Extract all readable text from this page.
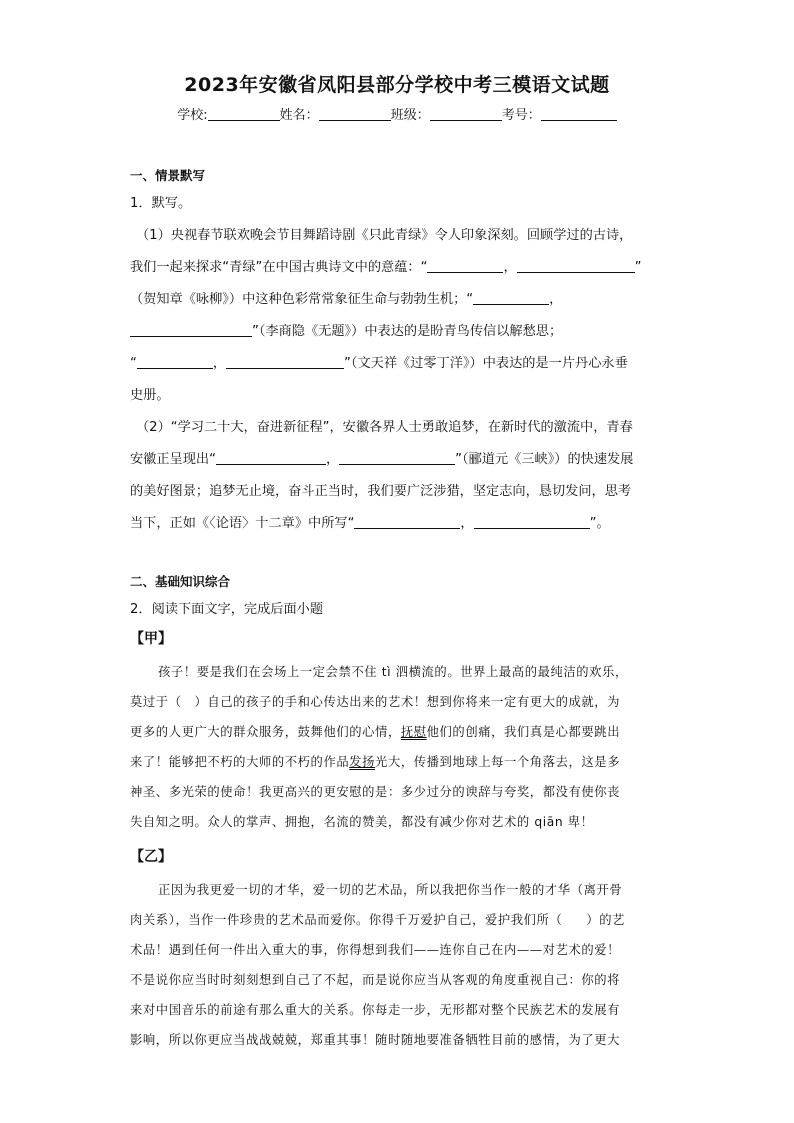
2023年安徽省凤阳县部分学校中考三模语文试题
学校:	姓名：	班级：	考号：
一、情景默写
1．默写。
（1）央视春节联欢晚会节目舞蹈诗剧《只此青绿》令人印象深刻。回顾学过的古诗，
我们一起来探求“青绿”在中国古典诗文中的意蕴：“	，	”
（贺知章《咏柳》）中这种色彩常常象征生命与勃勃生机；“	，
”（李商隐《无题》）中表达的是盼青鸟传信以解愁思；
“	，	”（文天祥《过零丁洋》）中表达的是一片丹心永垂
史册。
（2）“学习二十大，奋进新征程”，安徽各界人士勇敢追梦，在新时代的激流中，青春
安徽正呈现出“	，	”（郦道元《三峡》）的快速发展
的美好图景；追梦无止境，奋斗正当时，我们要广泛涉猎，坚定志向，恳切发问，思考
当下，正如《〈论语〉十二章》中所写“	，	”。
二、基础知识综合
2．阅读下面文字，完成后面小题
【甲】
孩子！要是我们在会场上一定会禁不住 tì 泗横流的。世界上最高的最纯洁的欢乐，
莫过于（　）自己的孩子的手和心传达出来的艺术！想到你将来一定有更大的成就，为
更多的人更广大的群众服务，鼓舞他们的心情，抚慰他们的创痛，我们真是心都要跳出
来了！能够把不朽的大师的不朽的作品发扬光大，传播到地球上每一个角落去，这是多
神圣、多光荣的使命！我更高兴的更安慰的是：多少过分的谀辞与夸奖，都没有使你丧
失自知之明。众人的掌声、拥抱，名流的赞美，都没有减少你对艺术的 qiān 卑！
【乙】
正因为我更爱一切的才华，爱一切的艺术品，所以我把你当作一般的才华（离开骨
肉关系），当作一件珍贵的艺术品而爱你。你得千万爱护自己，爱护我们所（ ）的艺
术品！遇到任何一件出入重大的事，你得想到我们——连你自己在内——对艺术的爱！
不是说你应当时时刻刻想到自己了不起，而是说你应当从客观的角度重视自己：你的将
来对中国音乐的前途有那么重大的关系。你每走一步，无形都对整个民族艺术的发展有
影响，所以你更应当战战兢兢，郑重其事！随时随地要准备牺牲目前的感情，为了更大
